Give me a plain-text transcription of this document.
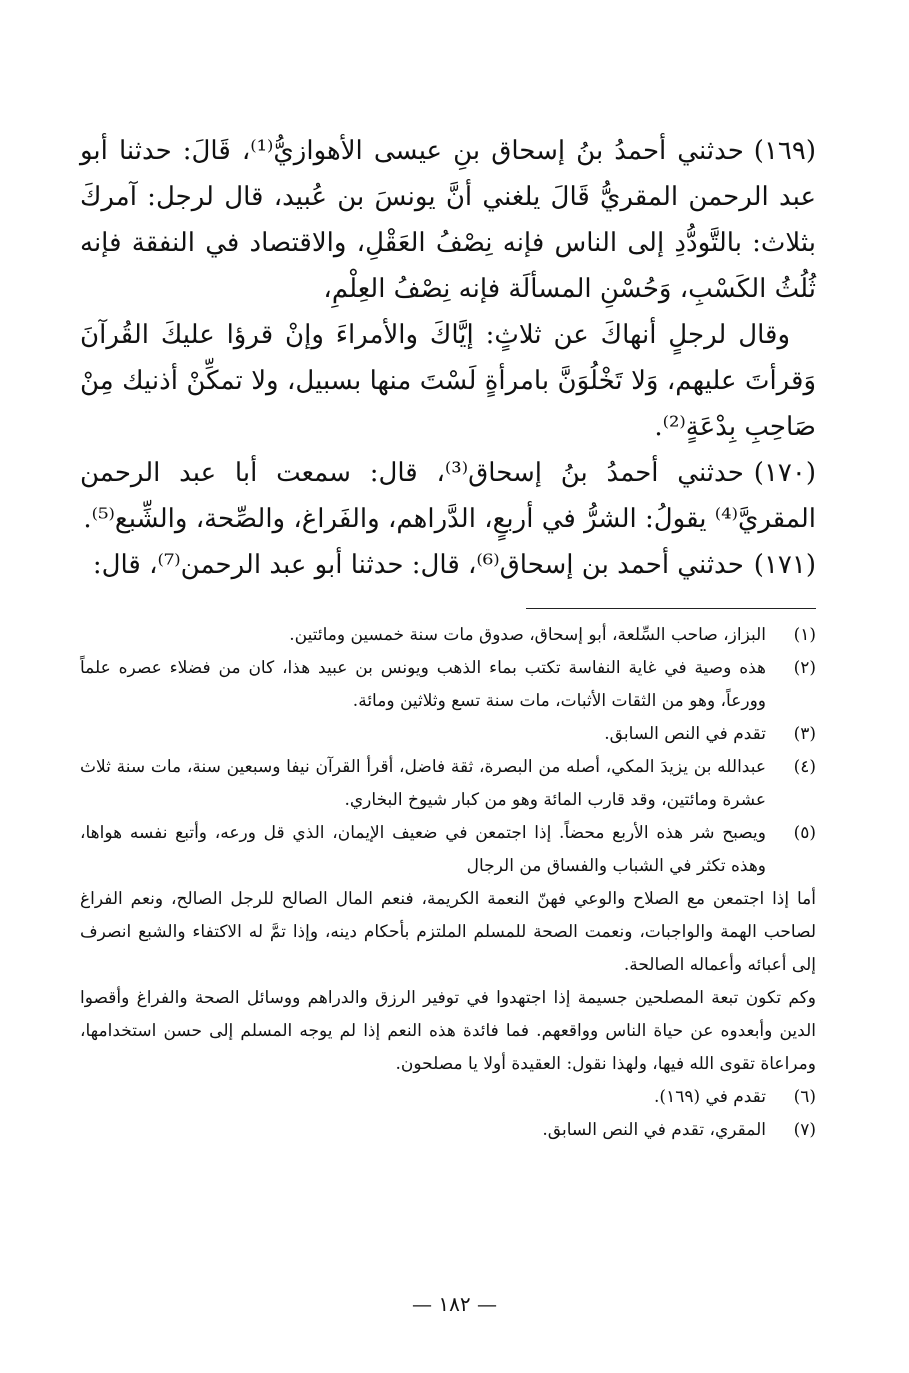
(١٦٩)حدثني أحمدُ بنُ إسحاق بنِ عيسى الأهوازيُّ⁽¹⁾، قَالَ: حدثنا أبو عبد الرحمن المقريُّ قَالَ يلغني أنَّ يونسَ بن عُبيد، قال لرجل: آمركَ بثلاث: بالتَّودُّدِ إلى الناس فإنه نِصْفُ العَقْلِ، والاقتصاد في النفقة فإنه ثُلُثُ الكَسْبِ، وَحُسْنِ المسألَة فإنه نِصْفُ العِلْمِ،

وقال لرجلٍ أنهاكَ عن ثلاثٍ: إيَّاكَ والأمراءَ وإنْ قرؤا عليكَ القُرآنَ وَقرأتَ عليهم، وَلا تَخْلُوَنَّ بامرأةٍ لَسْتَ منها بسبيل، ولا تمكِّنْ أذنيك مِنْ صَاحِبِ بِدْعَةٍ⁽²⁾.

(١٧٠)حدثني أحمدُ بنُ إسحاق⁽³⁾، قال: سمعت أبا عبد الرحمن المقريَّ⁽⁴⁾ يقولُ: الشرُّ في أربعٍ، الدَّراهم، والفَراغ، والصِّحة، والشِّبع⁽⁵⁾.

(١٧١)حدثني أحمد بن إسحاق⁽⁶⁾، قال: حدثنا أبو عبد الرحمن⁽⁷⁾، قال:

(١)

البزاز، صاحب السِّلعة، أبو إسحاق، صدوق مات سنة خمسين ومائتين.

(٢)

هذه وصية في غاية النفاسة تكتب بماء الذهب ويونس بن عبيد هذا، كان من فضلاء عصره علماً وورعاً، وهو من الثقات الأثبات، مات سنة تسع وثلاثين ومائة.

(٣)

تقدم في النص السابق.

(٤)

عبدالله بن يزيدَ المكي، أصله من البصرة، ثقة فاضل، أقرأ القرآن نيفا وسبعين سنة، مات سنة ثلاث عشرة ومائتين، وقد قارب المائة وهو من كبار شيوخ البخاري.

(٥)

ويصبح شر هذه الأربع محضاً. إذا اجتمعن في ضعيف الإيمان، الذي قل ورعه، وأتبع نفسه هواها، وهذه تكثر في الشباب والفساق من الرجال

أما إذا اجتمعن مع الصلاح والوعي فهنّ النعمة الكريمة، فنعم المال الصالح للرجل الصالح، ونعم الفراغ لصاحب الهمة والواجبات، ونعمت الصحة للمسلم الملتزم بأحكام دينه، وإذا تمَّ له الاكتفاء والشبع انصرف إلى أعبائه وأعماله الصالحة.

وكم تكون تبعة المصلحين جسيمة إذا اجتهدوا في توفير الرزق والدراهم ووسائل الصحة والفراغ وأقصوا الدين وأبعدوه عن حياة الناس وواقعهم. فما فائدة هذه النعم إذا لم يوجه المسلم إلى حسن استخدامها، ومراعاة تقوى الله فيها، ولهذا نقول: العقيدة أولا يا مصلحون.

(٦)

تقدم في (١٦٩).

(٧)

المقري، تقدم في النص السابق.

— ١٨٢ —
